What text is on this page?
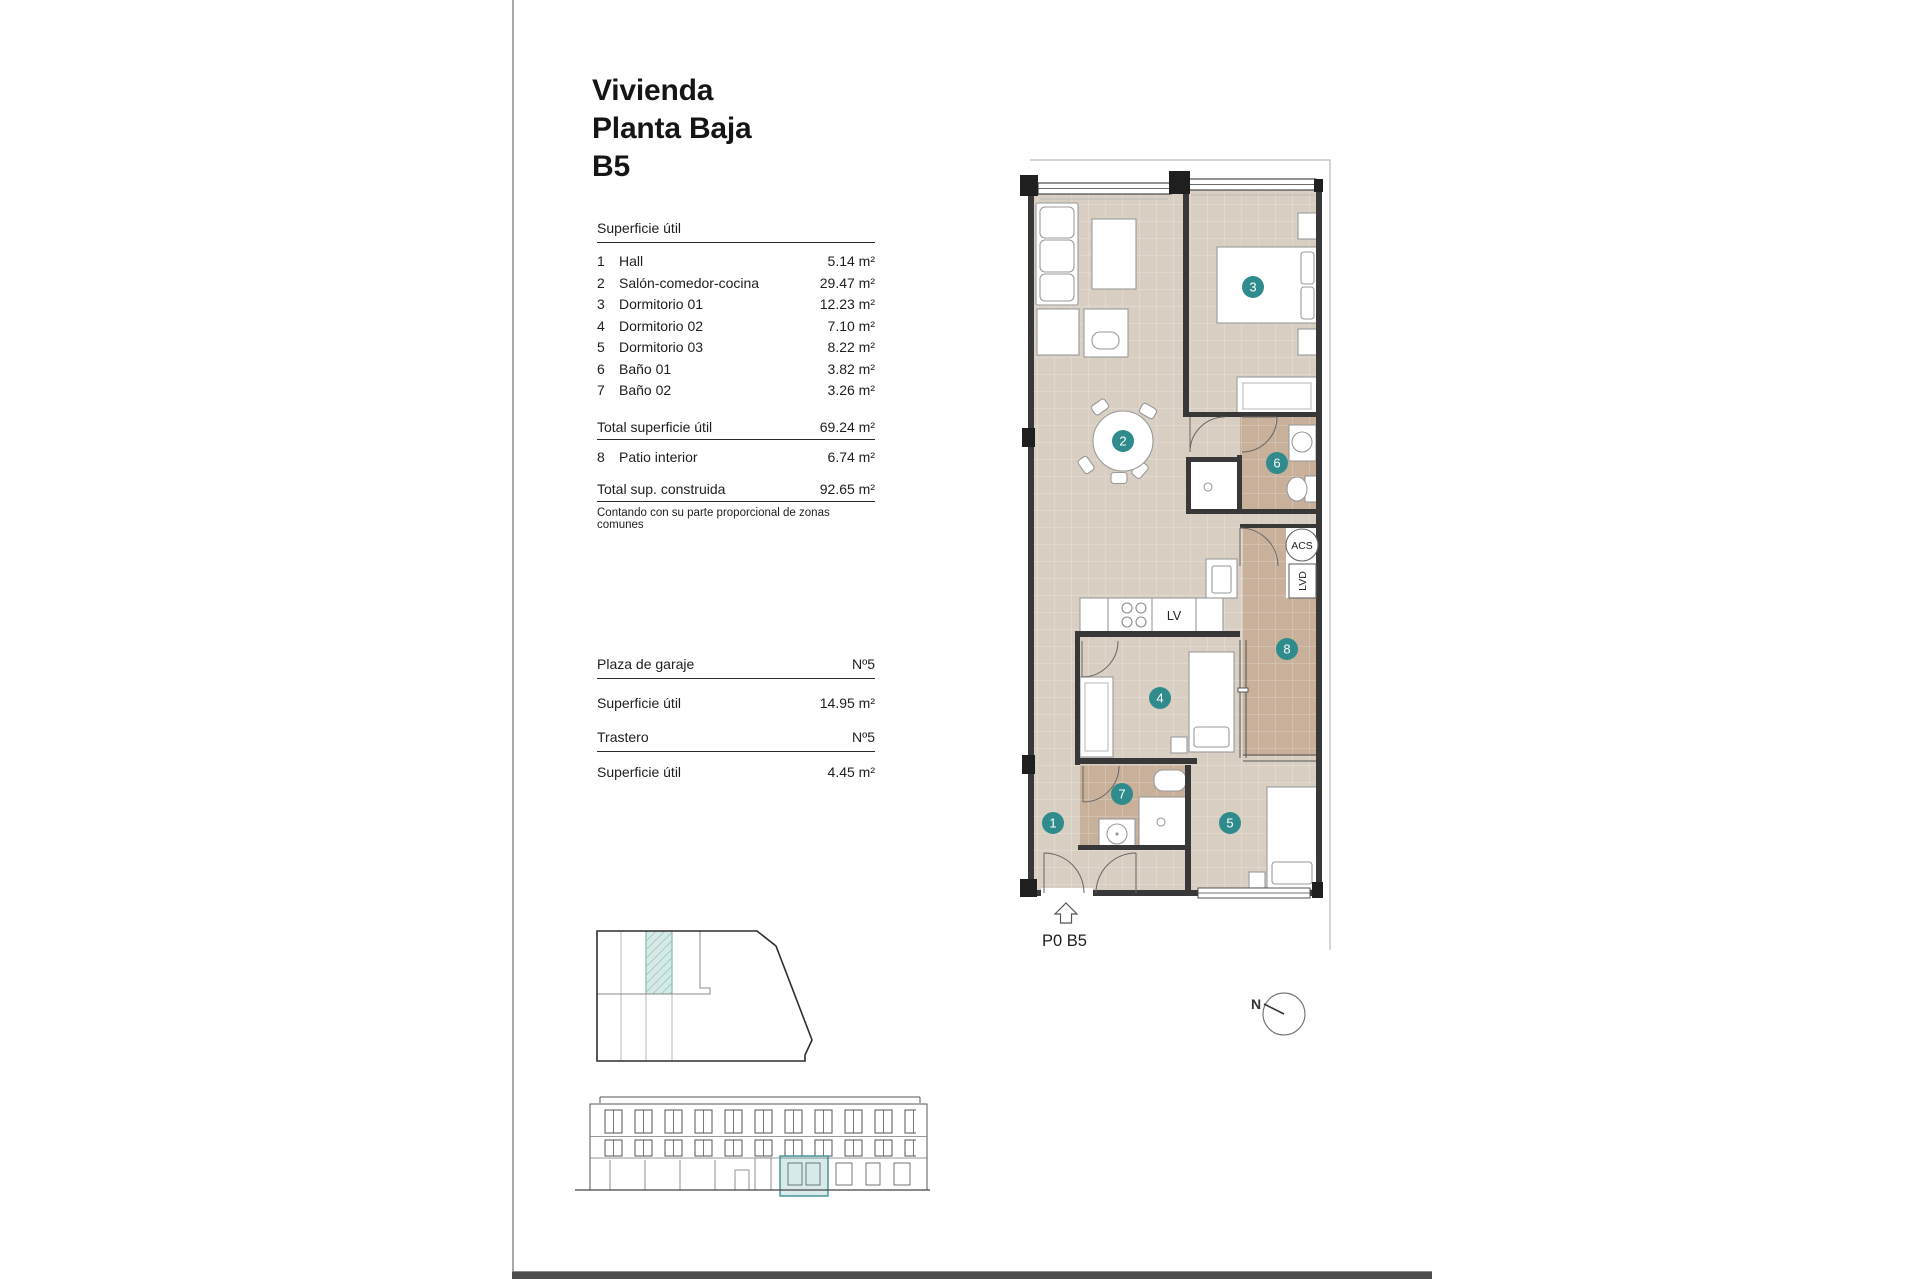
Vivienda
Planta Baja
B5
Superficie útil
1	Hall	5.14 m²
2	Salón-comedor-cocina	29.47 m²
3	Dormitorio 01	12.23 m²
4	Dormitorio 02	7.10 m²
5	Dormitorio 03	8.22 m²
6	Baño 01	3.82 m²
7	Baño 02	3.26 m²
Total superficie útil	69.24 m²
8	Patio interior	6.74 m²
Total sup. construida	92.65 m²
Contando con su parte proporcional de zonas comunes
Plaza de garaje	Nº5
Superficie útil	14.95 m²
Trastero	Nº5
Superficie útil	4.45 m²
ACS
LVD
LV
1
2
3
4
5
6
7
8
P0 B5
N
